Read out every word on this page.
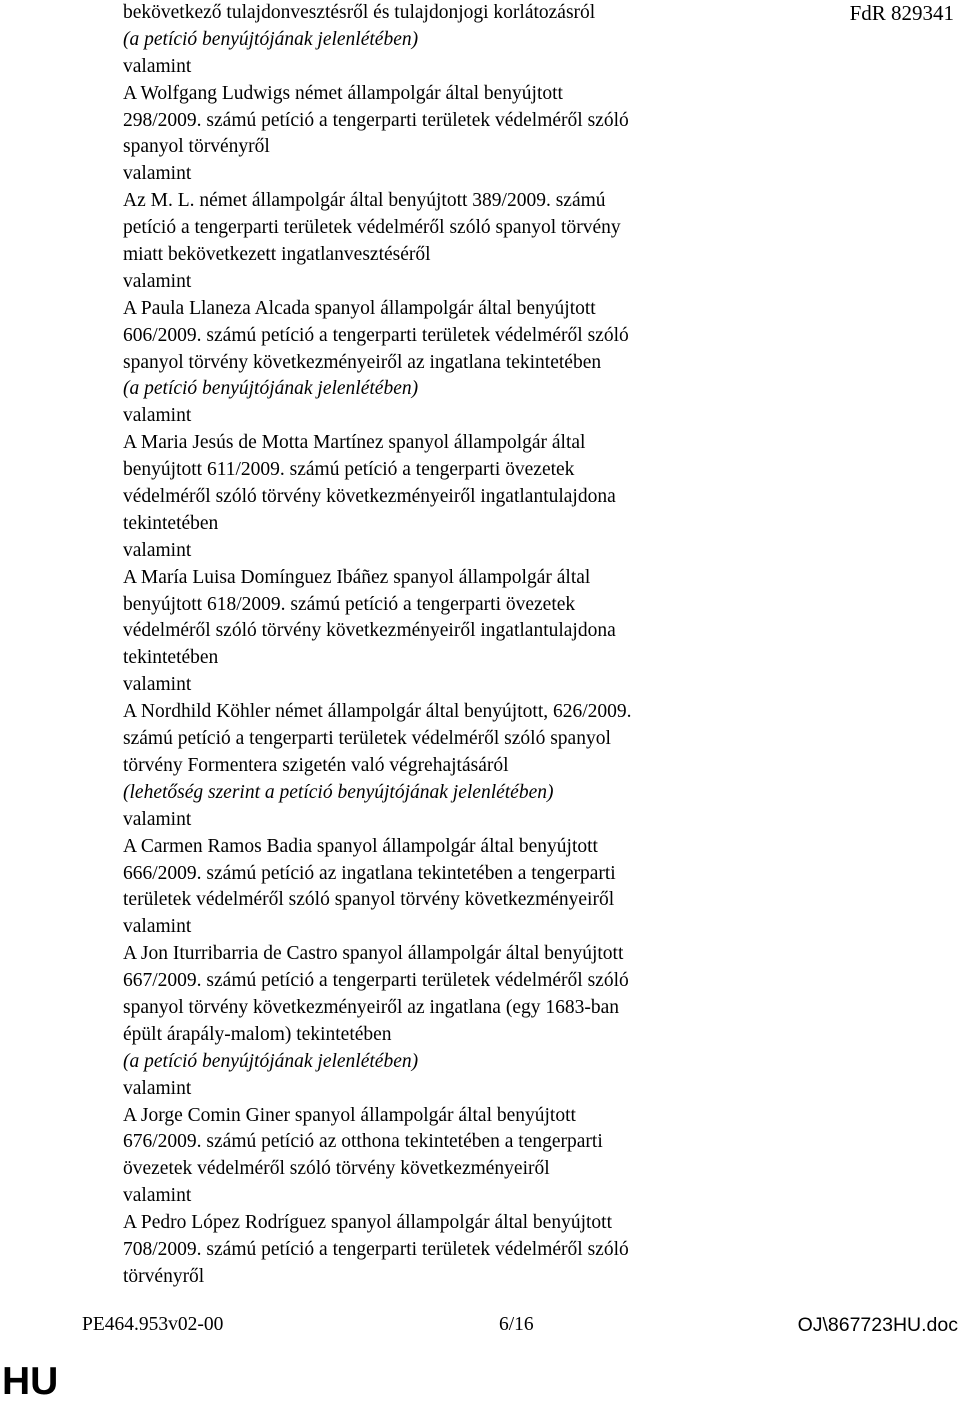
FdR 829341
bekövetkező tulajdonvesztésről és tulajdonjogi korlátozásról
(a petíció benyújtójának jelenlétében)
valamint
A Wolfgang Ludwigs német állampolgár által benyújtott
298/2009. számú petíció a tengerparti területek védelméről szóló
spanyol törvényről
valamint
Az M. L. német állampolgár által benyújtott 389/2009. számú
petíció a tengerparti területek védelméről szóló spanyol törvény
miatt bekövetkezett ingatlanvesztéséről
valamint
A Paula Llaneza Alcada spanyol állampolgár által benyújtott
606/2009. számú petíció a tengerparti területek védelméről szóló
spanyol törvény következményeiről az ingatlana tekintetében
(a petíció benyújtójának jelenlétében)
valamint
A Maria Jesús de Motta Martínez spanyol állampolgár által
benyújtott 611/2009. számú petíció a tengerparti övezetek
védelméről szóló törvény következményeiről ingatlantulajdona
tekintetében
valamint
A María Luisa Domínguez Ibáñez spanyol állampolgár által
benyújtott 618/2009. számú petíció a tengerparti övezetek
védelméről szóló törvény következményeiről ingatlantulajdona
tekintetében
valamint
A Nordhild Köhler német állampolgár által benyújtott, 626/2009.
számú petíció a tengerparti területek védelméről szóló spanyol
törvény Formentera szigetén való végrehajtásáról
(lehetőség szerint a petíció benyújtójának jelenlétében)
valamint
A Carmen Ramos Badia spanyol állampolgár által benyújtott
666/2009. számú petíció az ingatlana tekintetében a tengerparti
területek védelméről szóló spanyol törvény következményeiről
valamint
A Jon Iturribarria de Castro spanyol állampolgár által benyújtott
667/2009. számú petíció a tengerparti területek védelméről szóló
spanyol törvény következményeiről az ingatlana (egy 1683-ban
épült árapály-malom) tekintetében
(a petíció benyújtójának jelenlétében)
valamint
A Jorge Comin Giner spanyol állampolgár által benyújtott
676/2009. számú petíció az otthona tekintetében a tengerparti
övezetek védelméről szóló törvény következményeiről
valamint
A Pedro López Rodríguez spanyol állampolgár által benyújtott
708/2009. számú petíció a tengerparti területek védelméről szóló
törvényről
PE464.953v02-00	6/16	OJ\867723HU.doc
HU
